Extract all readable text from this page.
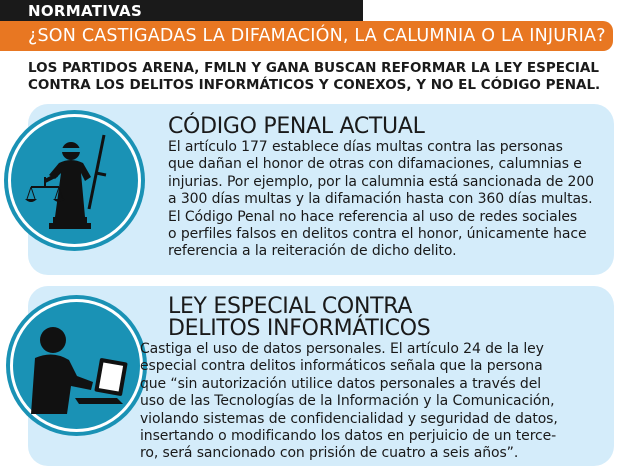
NORMATIVAS
¿SON CASTIGADAS LA DIFAMACIÓN, LA CALUMNIA O LA INJURIA?
LOS PARTIDOS ARENA, FMLN Y GANA BUSCAN REFORMAR LA LEY ESPECIAL
CONTRA LOS DELITOS INFORMÁTICOS Y CONEXOS, Y NO EL CÓDIGO PENAL.
CÓDIGO PENAL ACTUAL
El artículo 177 establece días multas contra las personas
que dañan el honor de otras con difamaciones, calumnias e
injurias. Por ejemplo, por la calumnia está sancionada de 200
a 300 días multas y la difamación hasta con 360 días multas.
El Código Penal no hace referencia al uso de redes sociales
o perfiles falsos en delitos contra el honor, únicamente hace
referencia a la reiteración de dicho delito.
LEY ESPECIAL CONTRA
DELITOS INFORMÁTICOS
Castiga el uso de datos personales. El artículo 24 de la ley
especial contra delitos informáticos señala que la persona
que “sin autorización utilice datos personales a través del
uso de las Tecnologías de la Información y la Comunicación,
violando sistemas de confidencialidad y seguridad de datos,
insertando o modificando los datos en perjuicio de un terce-
ro, será sancionado con prisión de cuatro a seis años”.
